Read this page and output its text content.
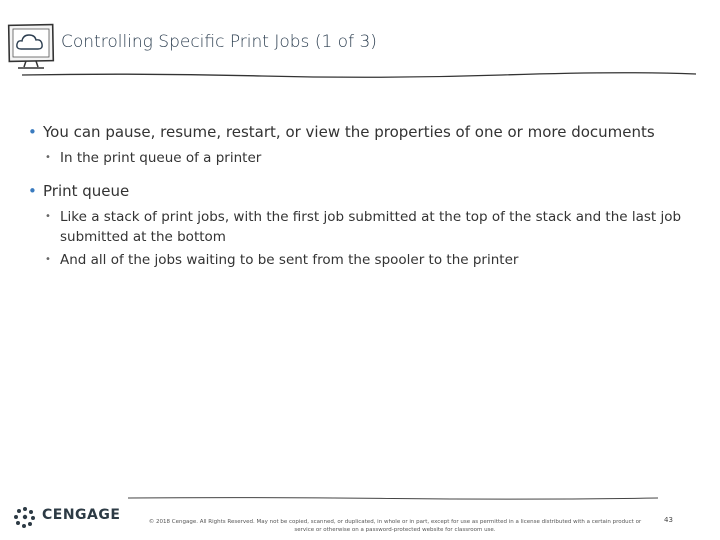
Controlling Specific Print Jobs (1 of 3)
• You can pause, resume, restart, or view the properties of one or more documents
• In the print queue of a printer
• Print queue
• Like a stack of print jobs, with the first job submitted at the top of the stack and the last job submitted at the bottom
• And all of the jobs waiting to be sent from the spooler to the printer
CENGAGE	© 2018 Cengage. All Rights Reserved. May not be copied, scanned, or duplicated, in whole or in part, except for use as permitted in a license distributed with a certain product or service or otherwise on a password-protected website for classroom use.
43
